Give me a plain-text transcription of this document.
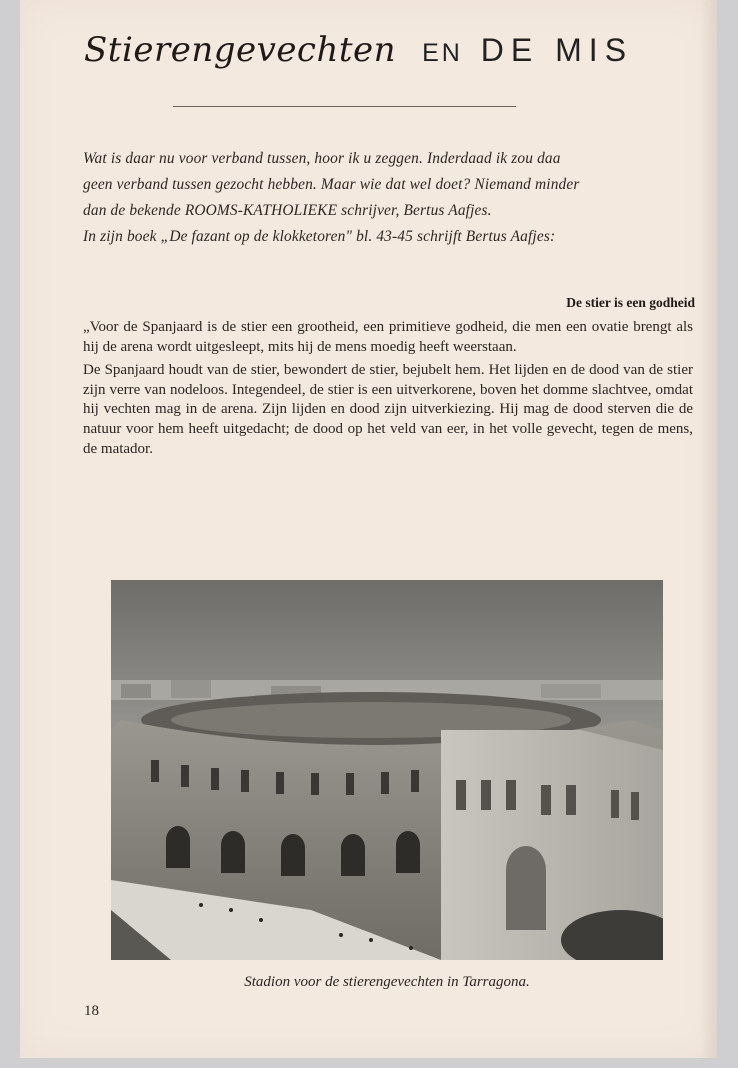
Stierengevechten EN DE MIS

Wat is daar nu voor verband tussen, hoor ik u zeggen. Inderdaad ik zou daa

geen verband tussen gezocht hebben. Maar wie dat wel doet? Niemand minder

dan de bekende ROOMS-KATHOLIEKE schrijver, Bertus Aafjes.

In zijn boek „De fazant op de klokketoren" bl. 43-45 schrijft Bertus Aafjes:

De stier is een godheid

„Voor de Spanjaard is de stier een grootheid, een primitieve godheid, die men een ovatie brengt als hij de arena wordt uitgesleept, mits hij de mens moedig heeft weerstaan.

De Spanjaard houdt van de stier, bewondert de stier, bejubelt hem. Het lijden en de dood van de stier zijn verre van nodeloos. Integendeel, de stier is een uitverkorene, boven het domme slachtvee, omdat hij vechten mag in de arena. Zijn lijden en dood zijn uitverkiezing. Hij mag de dood sterven die de natuur voor hem heeft uitgedacht; de dood op het veld van eer, in het volle gevecht, tegen de mens, de matador.

Stadion voor de stierengevechten in Tarragona.
18
